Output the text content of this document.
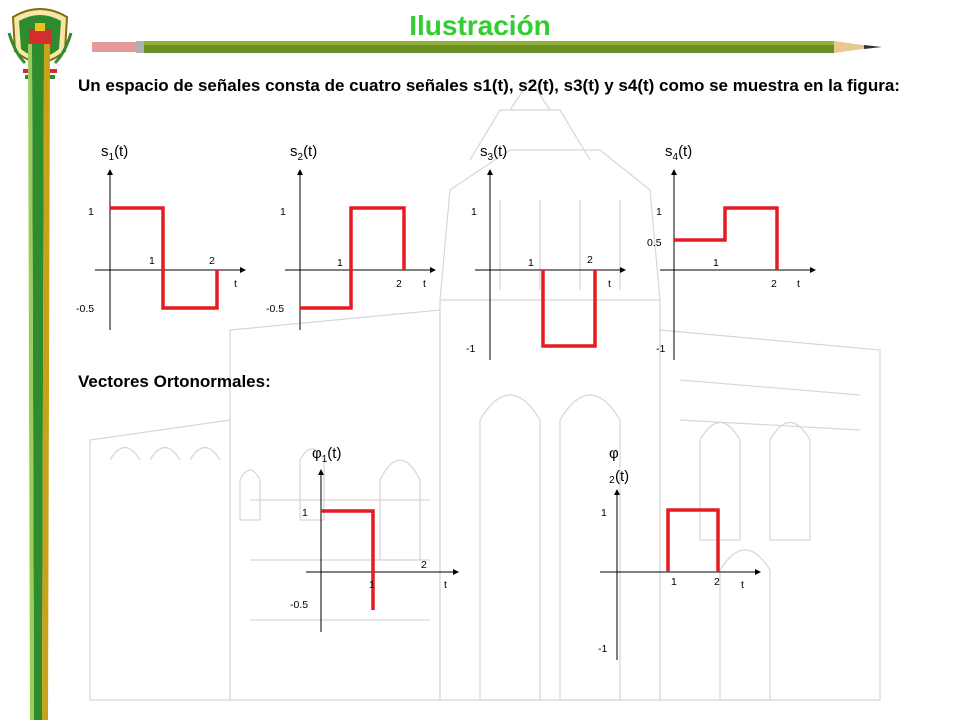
Ilustración
Un espacio de señales consta de cuatro señales s1(t), s2(t), s3(t) y s4(t) como se muestra en la figura:
Vectores Ortonormales:
$s_1(t)$
1
-0.5
1	2
t
$s_2(t)$
1
-0.5
1
2 t
$s_3(t)$
1
-1
1	2
t
$s_4(t)$
1
0.5
-1
1
2 t
$\varphi_1(t)$
1
-0.5
1
2
t
φ
2 (t)
1
-1
1	2 t
